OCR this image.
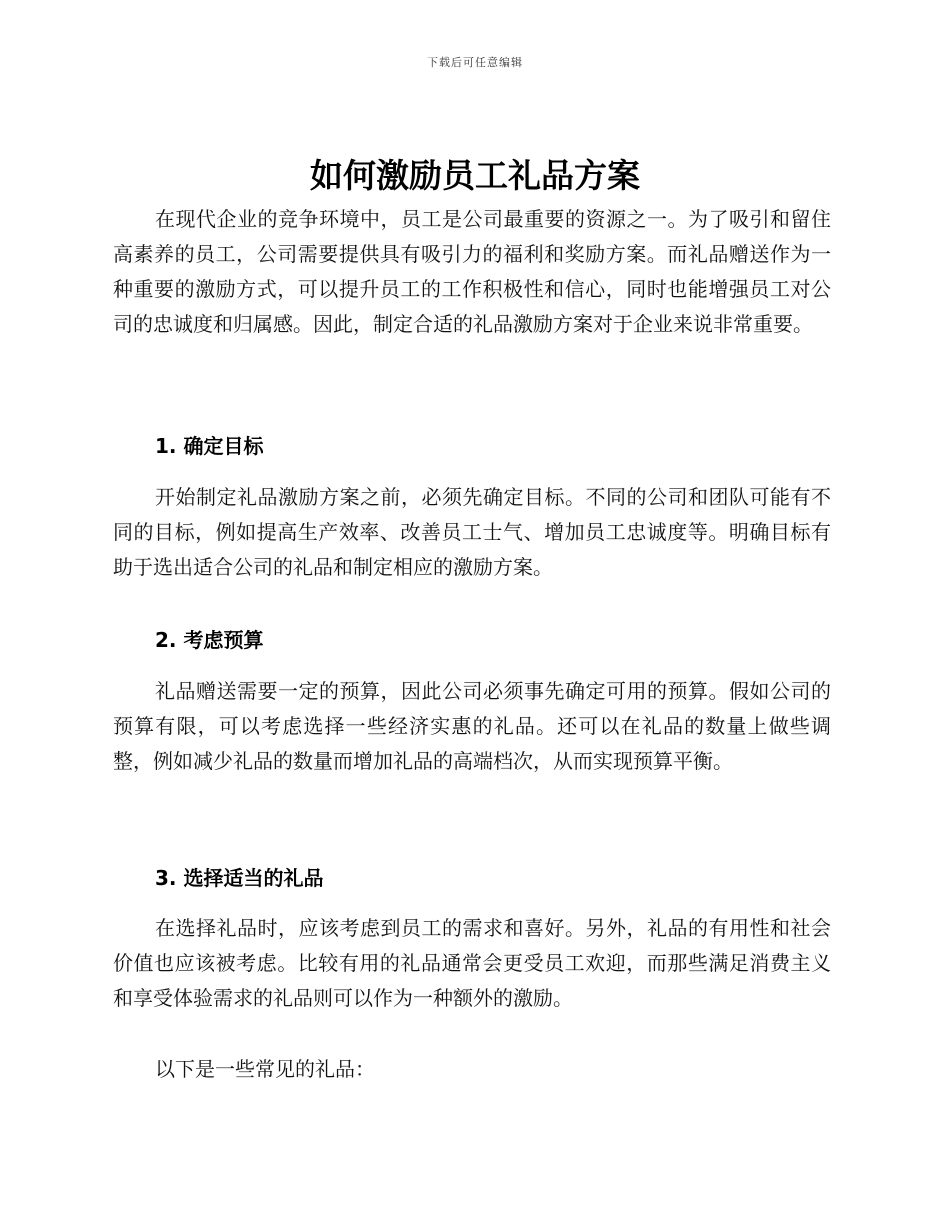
下载后可任意编辑
如何激励员工礼品方案

在现代企业的竞争环境中，员工是公司最重要的资源之一。为了吸引和留住高素养的员工，公司需要提供具有吸引力的福利和奖励方案。而礼品赠送作为一种重要的激励方式，可以提升员工的工作积极性和信心，同时也能增强员工对公司的忠诚度和归属感。因此，制定合适的礼品激励方案对于企业来说非常重要。

1. 确定目标

开始制定礼品激励方案之前，必须先确定目标。不同的公司和团队可能有不同的目标，例如提高生产效率、改善员工士气、增加员工忠诚度等。明确目标有助于选出适合公司的礼品和制定相应的激励方案。

2. 考虑预算

礼品赠送需要一定的预算，因此公司必须事先确定可用的预算。假如公司的预算有限，可以考虑选择一些经济实惠的礼品。还可以在礼品的数量上做些调整，例如减少礼品的数量而增加礼品的高端档次，从而实现预算平衡。

3. 选择适当的礼品

在选择礼品时，应该考虑到员工的需求和喜好。另外，礼品的有用性和社会价值也应该被考虑。比较有用的礼品通常会更受员工欢迎，而那些满足消费主义和享受体验需求的礼品则可以作为一种额外的激励。

以下是一些常见的礼品：
